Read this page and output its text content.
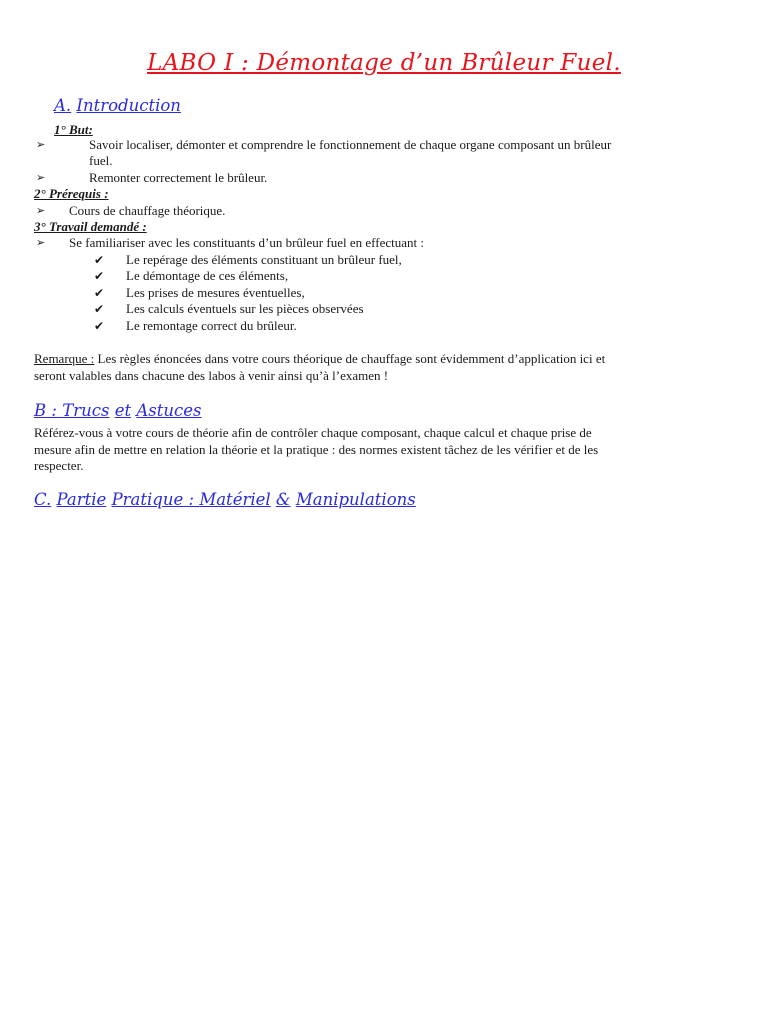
LABO I : Démontage d’un Brûleur Fuel.
A. Introduction
1° But:
➢	Savoir localiser, démonter et comprendre le fonctionnement de chaque organe composant un brûleur
fuel.
➢	Remonter correctement le brûleur.
2° Prérequis :
➢ Cours de chauffage théorique.
3° Travail demandé :
➢ Se familiariser avec les constituants d’un brûleur fuel en effectuant :
✔ Le repérage des éléments constituant un brûleur fuel,
✔ Le démontage de ces éléments,
✔ Les prises de mesures éventuelles,
✔ Les calculs éventuels sur les pièces observées
✔ Le remontage correct du brûleur.
Remarque : Les règles énoncées dans votre cours théorique de chauffage sont évidemment d’application ici et
seront valables dans chacune des labos à venir ainsi qu’à l’examen !
B : Trucs et Astuces
Référez-vous à votre cours de théorie afin de contrôler chaque composant, chaque calcul et chaque prise de
mesure afin de mettre en relation la théorie et la pratique : des normes existent tâchez de les vérifier et de les
respecter.
C. Partie Pratique : Matériel & Manipulations
